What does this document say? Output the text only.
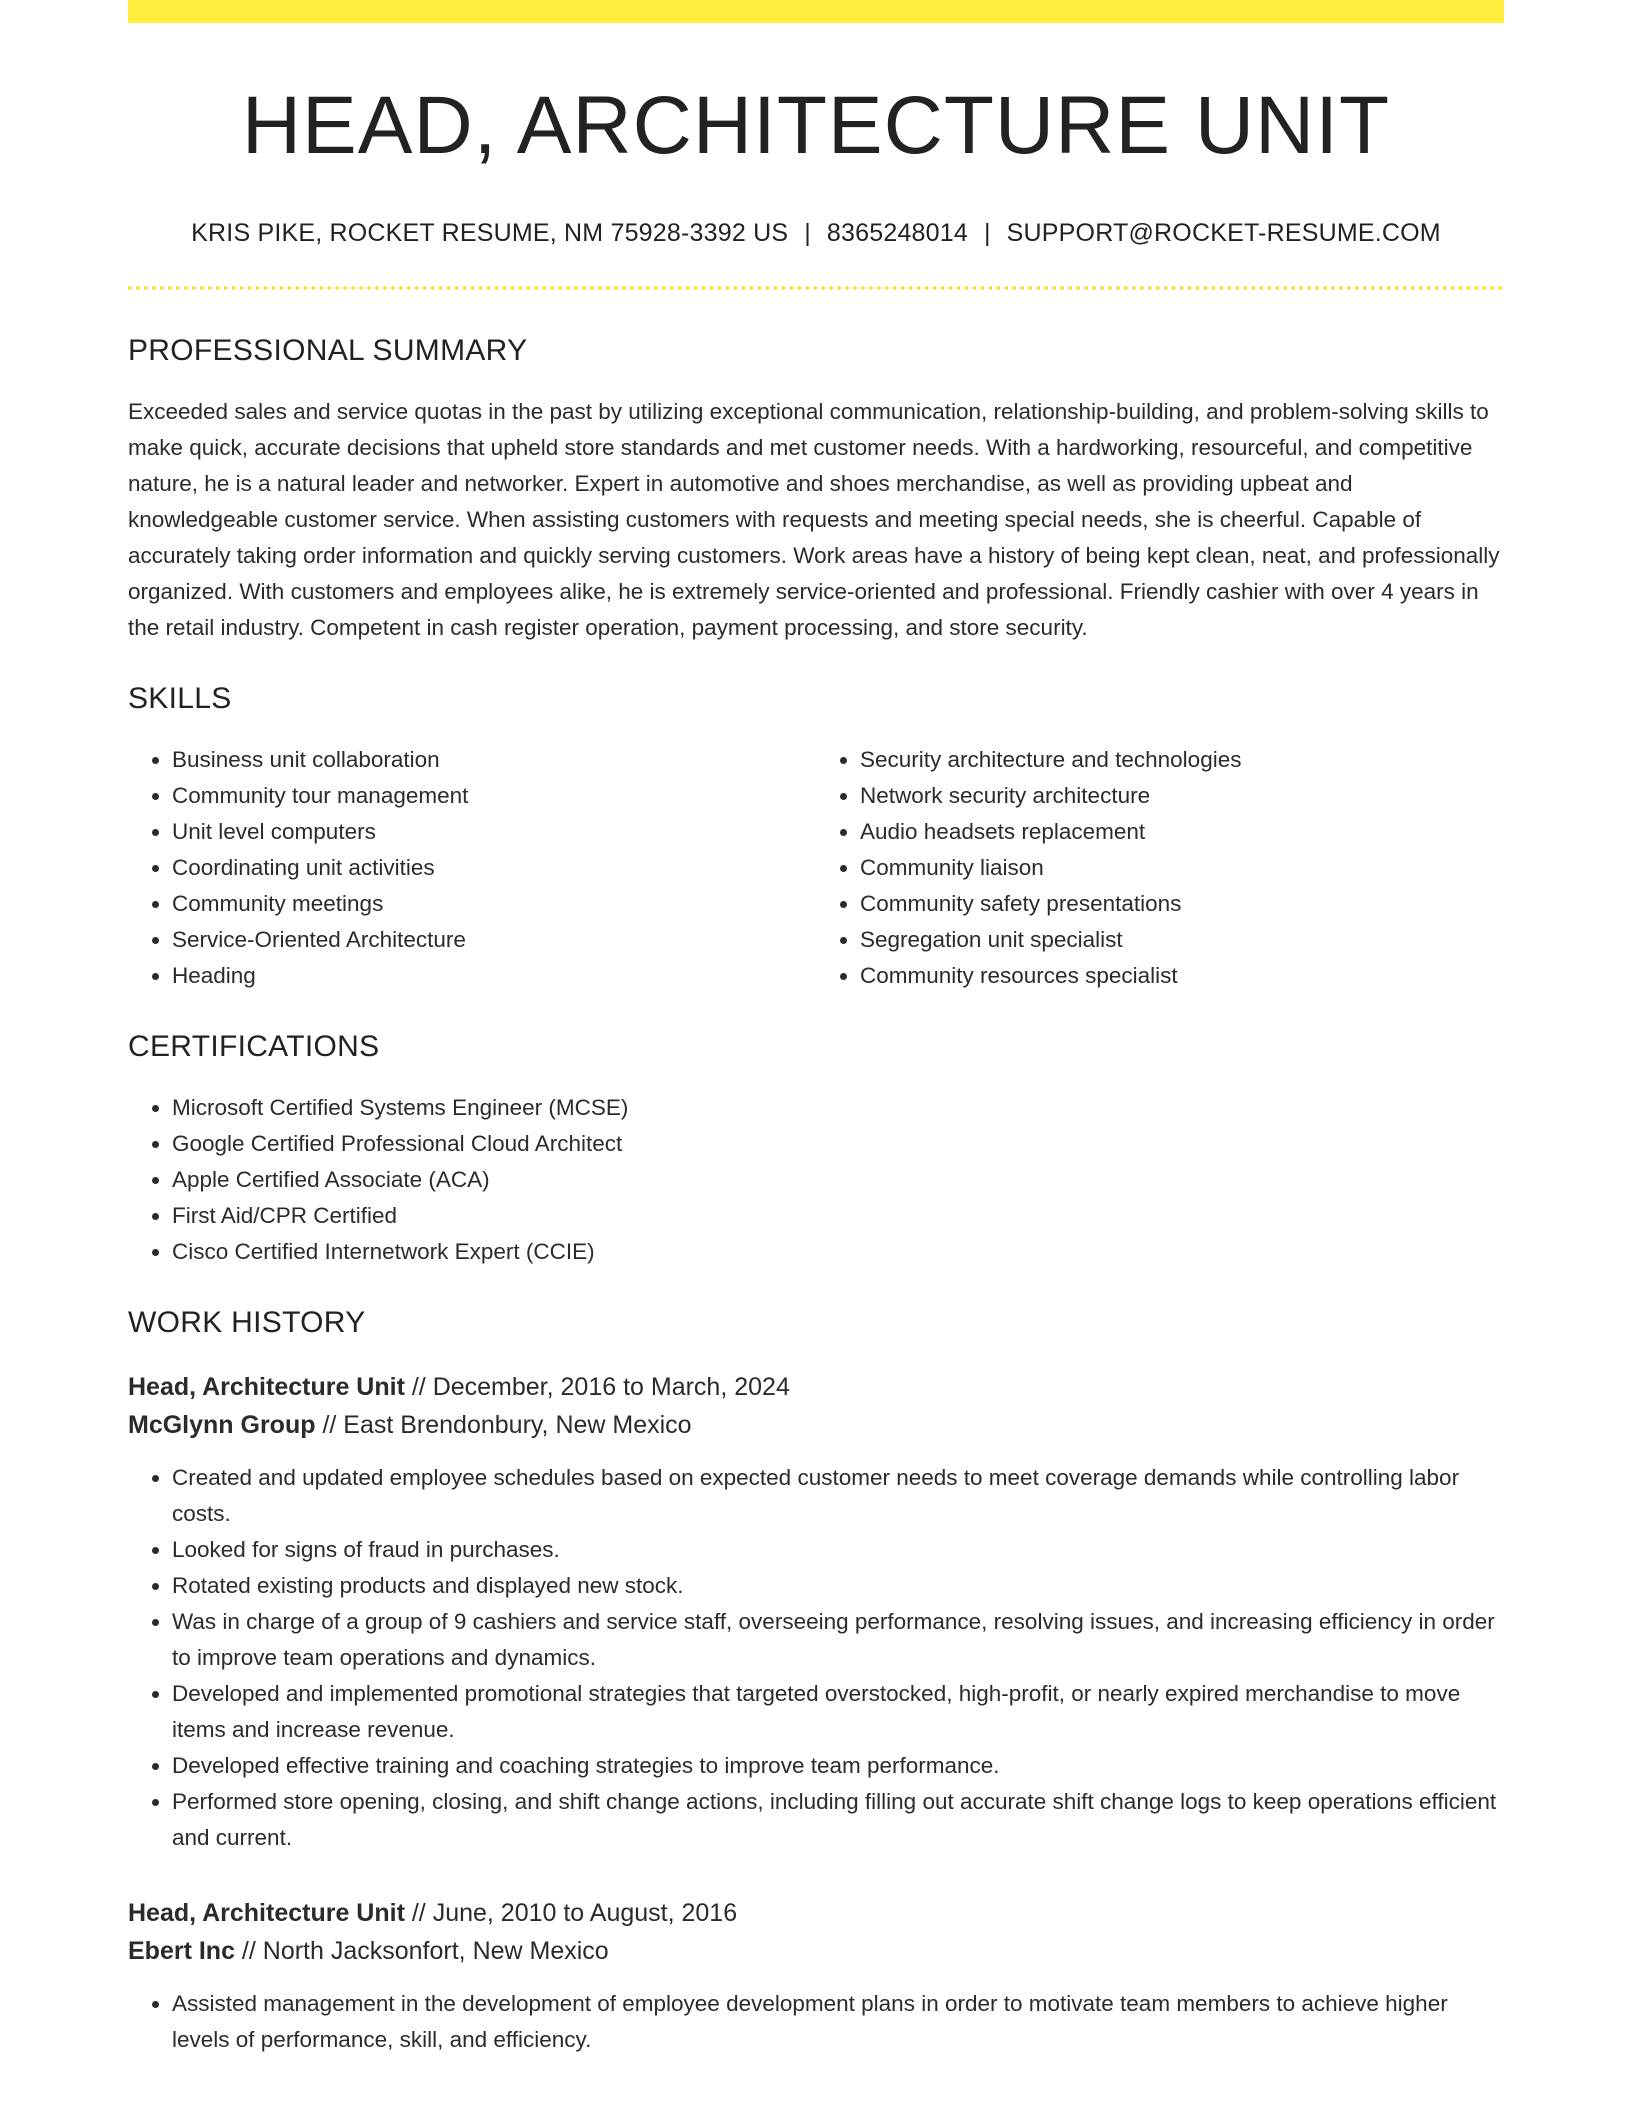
HEAD, ARCHITECTURE UNIT
KRIS PIKE, ROCKET RESUME, NM 75928-3392 US | 8365248014 | SUPPORT@ROCKET-RESUME.COM
PROFESSIONAL SUMMARY

Exceeded sales and service quotas in the past by utilizing exceptional communication, relationship-building, and problem-solving skills to make quick, accurate decisions that upheld store standards and met customer needs. With a hardworking, resourceful, and competitive nature, he is a natural leader and networker. Expert in automotive and shoes merchandise, as well as providing upbeat and knowledgeable customer service. When assisting customers with requests and meeting special needs, she is cheerful. Capable of accurately taking order information and quickly serving customers. Work areas have a history of being kept clean, neat, and professionally organized. With customers and employees alike, he is extremely service-oriented and professional. Friendly cashier with over 4 years in the retail industry. Competent in cash register operation, payment processing, and store security.

SKILLS
• Business unit collaboration
• Community tour management
• Unit level computers
• Coordinating unit activities
• Community meetings
• Service-Oriented Architecture
• Heading
• Security architecture and technologies
• Network security architecture
• Audio headsets replacement
• Community liaison
• Community safety presentations
• Segregation unit specialist
• Community resources specialist
CERTIFICATIONS
• Microsoft Certified Systems Engineer (MCSE)
• Google Certified Professional Cloud Architect
• Apple Certified Associate (ACA)
• First Aid/CPR Certified
• Cisco Certified Internetwork Expert (CCIE)
WORK HISTORY
Head, Architecture Unit // December, 2016 to March, 2024
McGlynn Group // East Brendonbury, New Mexico
• Created and updated employee schedules based on expected customer needs to meet coverage demands while controlling labor costs.
• Looked for signs of fraud in purchases.
• Rotated existing products and displayed new stock.
• Was in charge of a group of 9 cashiers and service staff, overseeing performance, resolving issues, and increasing efficiency in order to improve team operations and dynamics.
• Developed and implemented promotional strategies that targeted overstocked, high-profit, or nearly expired merchandise to move items and increase revenue.
• Developed effective training and coaching strategies to improve team performance.
• Performed store opening, closing, and shift change actions, including filling out accurate shift change logs to keep operations efficient and current.
Head, Architecture Unit // June, 2010 to August, 2016
Ebert Inc // North Jacksonfort, New Mexico
• Assisted management in the development of employee development plans in order to motivate team members to achieve higher levels of performance, skill, and efficiency.
